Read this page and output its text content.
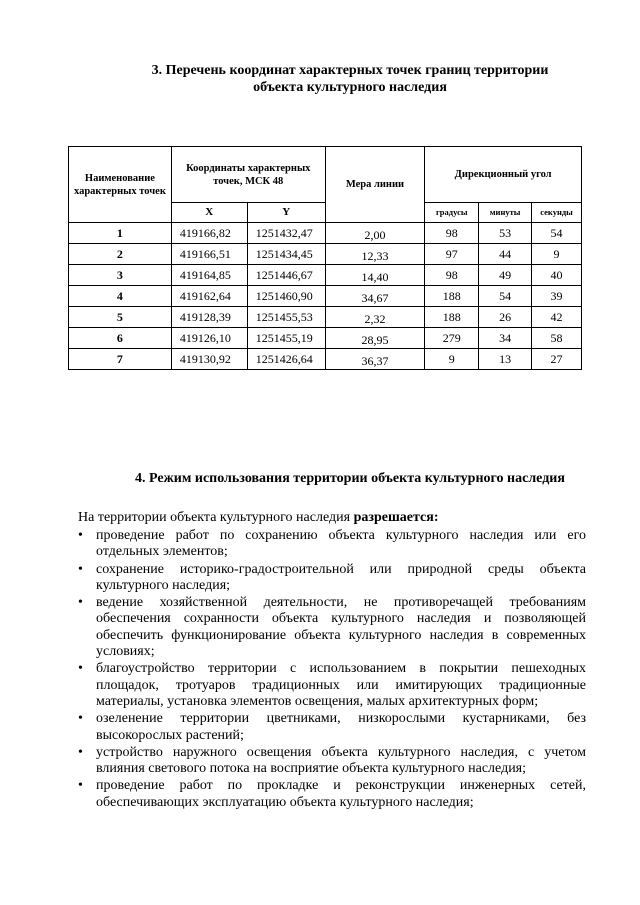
3. Перечень координат характерных точек границ территории
объекта культурного наследия
Наименование характерных точек	Координаты характерных точек, МСК 48		Мера линии	Дирекционный угол		
	X	Y		градусы	минуты	секунды
1	419166,82	1251432,47	2,00	98	53	54
2	419166,51	1251434,45	12,33	97	44	9
3	419164,85	1251446,67	14,40	98	49	40
4	419162,64	1251460,90	34,67	188	54	39
5	419128,39	1251455,53	2,32	188	26	42
6	419126,10	1251455,19	28,95	279	34	58
7	419130,92	1251426,64	36,37	9	13	27
4. Режим использования территории объекта культурного наследия
На территории объекта культурного наследия разрешается:
• проведение работ по сохранению объекта культурного наследия или его отдельных элементов;
• сохранение историко-градостроительной или природной среды объекта культурного наследия;
• ведение хозяйственной деятельности, не противоречащей требованиям обеспечения сохранности объекта культурного наследия и позволяющей обеспечить функционирование объекта культурного наследия в современных условиях;
• благоустройство территории с использованием в покрытии пешеходных площадок, тротуаров традиционных или имитирующих традиционные материалы, установка элементов освещения, малых архитектурных форм;
• озеленение территории цветниками, низкорослыми кустарниками, без высокорослых растений;
• устройство наружного освещения объекта культурного наследия, с учетом влияния светового потока на восприятие объекта культурного наследия;
• проведение работ по прокладке и реконструкции инженерных сетей, обеспечивающих эксплуатацию объекта культурного наследия;
